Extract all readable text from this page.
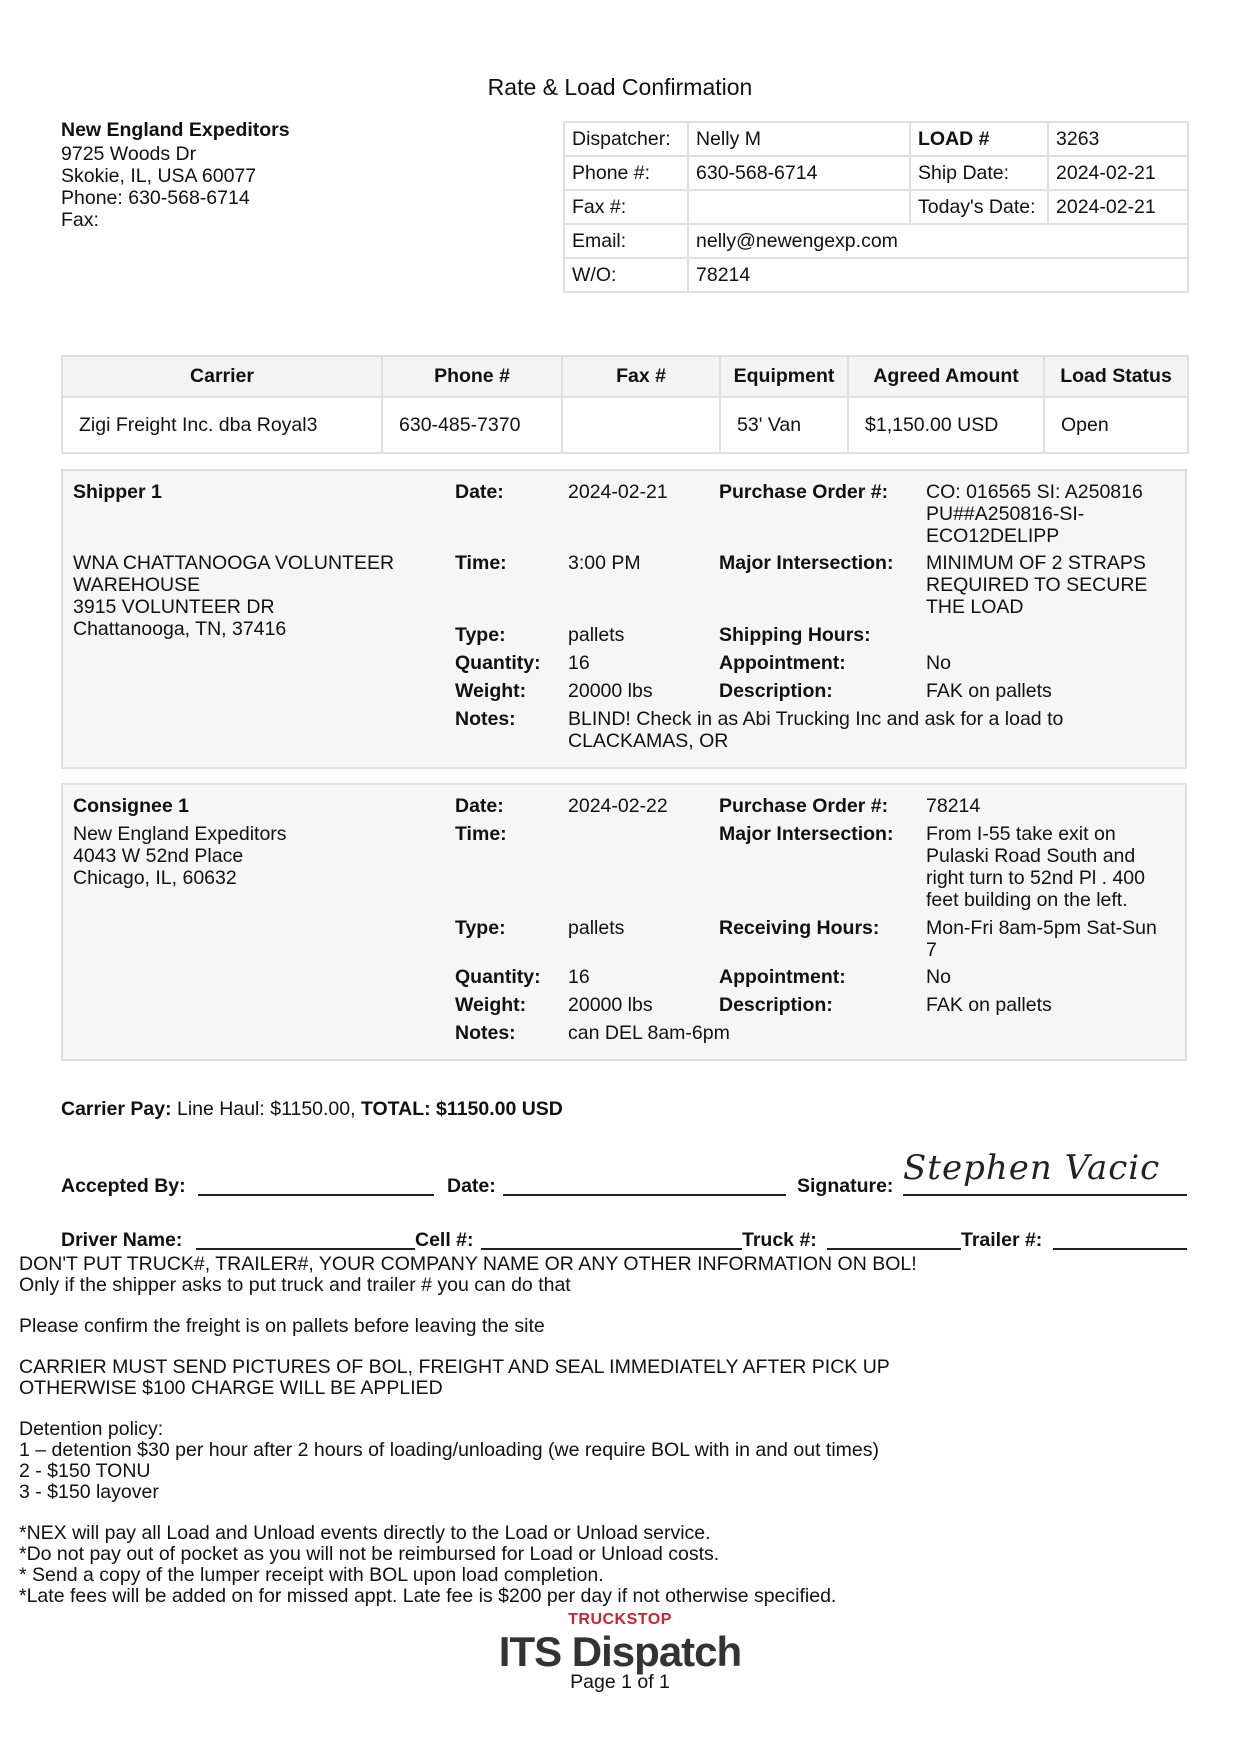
Rate & Load Confirmation
New England Expeditors
9725 Woods Dr
Skokie, IL, USA 60077
Phone: 630-568-6714
Fax:
Dispatcher:	Nelly M	LOAD #	3263
Phone #:	630-568-6714	Ship Date:	2024-02-21
Fax #:		Today's Date:	2024-02-21
Email:	nelly@newengexp.com		
W/O:	78214		
Carrier	Phone #	Fax #	Equipment	Agreed Amount	Load Status
Zigi Freight Inc. dba Royal3	630-485-7370		53' Van	$1,150.00 USD	Open
Shipper 1
WNA CHATTANOOGA VOLUNTEER
WAREHOUSE
3915 VOLUNTEER DR
Chattanooga, TN, 37416
Date:	2024-02-21	Purchase Order #: CO: 016565 SI: A250816
PU##A250816-SI-
ECO12DELIPP
Time:	3:00 PM	Major Intersection: MINIMUM OF 2 STRAPS
REQUIRED TO SECURE
THE LOAD
Type:	pallets	Shipping Hours:
Quantity: 16	Appointment:	No
Weight: 20000 lbs	Description:	FAK on pallets
Notes:	BLIND! Check in as Abi Trucking Inc and ask for a load to
CLACKAMAS, OR
Consignee 1
New England Expeditors
4043 W 52nd Place
Chicago, IL, 60632
Date:	2024-02-22	Purchase Order #: 78214
Time:	Major Intersection: From I-55 take exit on
Pulaski Road South and
right turn to 52nd Pl . 400
feet building on the left.
Type:	pallets	Receiving Hours: Mon-Fri 8am-5pm Sat-Sun
7
Quantity: 16	Appointment:	No
Weight: 20000 lbs	Description:	FAK on pallets
Notes:	can DEL 8am-6pm
Carrier Pay: Line Haul: $1150.00, TOTAL: $1150.00 USD
Accepted By:	Date:	Signature: Stephen Vacic
Driver Name:	Cell #:	Truck #:	Trailer #:
DON'T PUT TRUCK#, TRAILER#, YOUR COMPANY NAME OR ANY OTHER INFORMATION ON BOL!
Only if the shipper asks to put truck and trailer # you can do that
Please confirm the freight is on pallets before leaving the site
CARRIER MUST SEND PICTURES OF BOL, FREIGHT AND SEAL IMMEDIATELY AFTER PICK UP
OTHERWISE $100 CHARGE WILL BE APPLIED
Detention policy:
1 – detention $30 per hour after 2 hours of loading/unloading (we require BOL with in and out times)
2 - $150 TONU
3 - $150 layover
*NEX will pay all Load and Unload events directly to the Load or Unload service.
*Do not pay out of pocket as you will not be reimbursed for Load or Unload costs.
* Send a copy of the lumper receipt with BOL upon load completion.
*Late fees will be added on for missed appt. Late fee is $200 per day if not otherwise specified.
TRUCKSTOP
ITS Dispatch
Page 1 of 1
